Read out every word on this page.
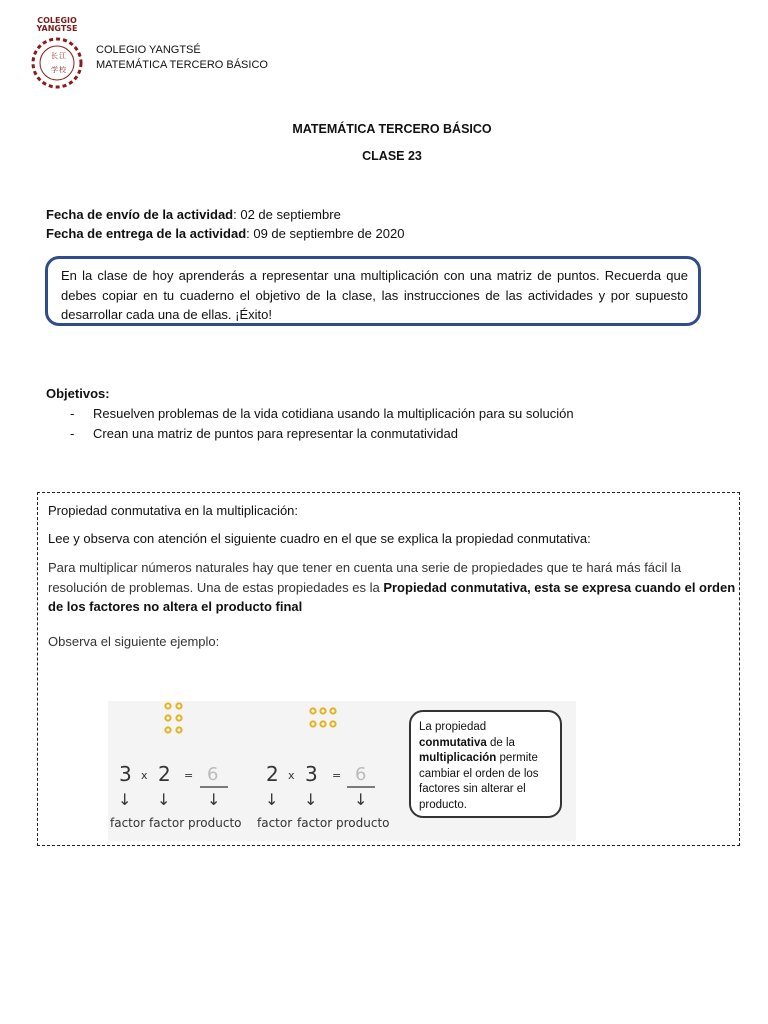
COLEGIO
YANGTSE
长 江
学 校
COLEGIO YANGTSÉ
MATEMÁTICA TERCERO BÁSICO
MATEMÁTICA TERCERO BÁSICO
CLASE 23
Fecha de envío de la actividad: 02 de septiembre
Fecha de entrega de la actividad: 09 de septiembre de 2020
En la clase de hoy aprenderás a representar una multiplicación con una matriz de puntos. Recuerda que debes copiar en tu cuaderno el objetivo de la clase, las instrucciones de las actividades y por supuesto desarrollar cada una de ellas. ¡Éxito!
Objetivos:
- Resuelven problemas de la vida cotidiana usando la multiplicación para su solución
- Crean una matriz de puntos para representar la conmutatividad
Propiedad conmutativa en la multiplicación:
Lee y observa con atención el siguiente cuadro en el que se explica la propiedad conmutativa:
Para multiplicar números naturales hay que tener en cuenta una serie de propiedades que te hará más fácil la resolución de problemas. Una de estas propiedades es la Propiedad conmutativa, esta se expresa cuando el orden de los factores no altera el producto final
Observa el siguiente ejemplo:
3 x 2 = 6 2 x 3 = 6
↓ ↓ ↓	↓ ↓ ↓
factor factor producto factor factor producto
La propiedad conmutativa de la multiplicación permite cambiar el orden de los factores sin alterar el producto.
